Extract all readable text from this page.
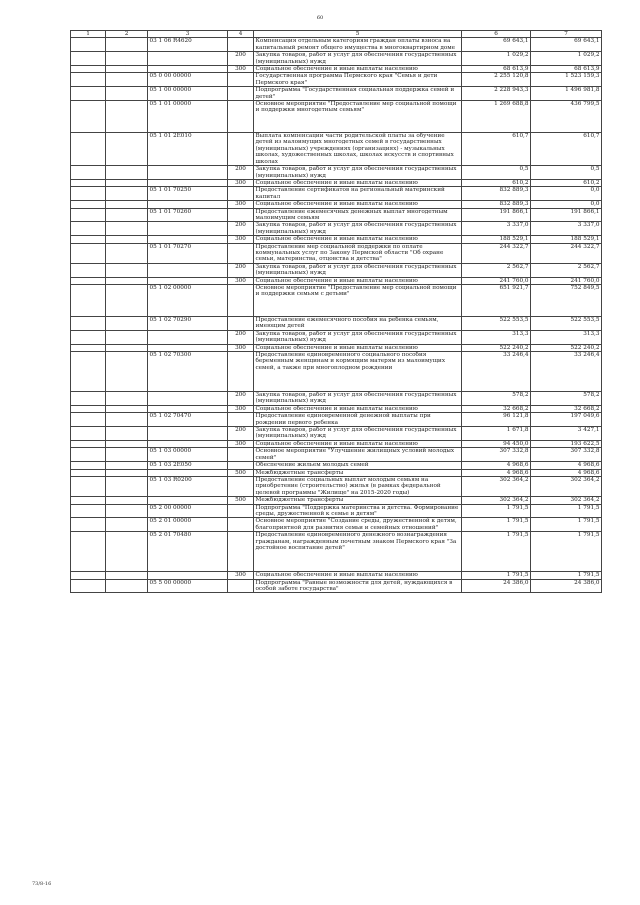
60
1	2	3	4	5	6	7
		03 1 06 R4620		Компенсация отдельным категориям граждан оплаты взноса на капитальный ремонт общего имущества в многоквартирном доме	69 643,1	69 643,1
			200	Закупка товаров, работ и услуг для обеспечения государственных (муниципальных) нужд	1 029,2	1 029,2
			300	Социальное обеспечение и иные выплаты населению	68 613,9	68 613,9
		05 0 00 00000		Государственная программа Пермского края "Семья и дети Пермского края"	2 255 120,8	1 523 159,3
		05 1 00 00000		Подпрограмма "Государственная социальная поддержка семей и детей"	2 228 943,3	1 496 981,8
		05 1 01 00000		Основное мероприятие "Предоставление мер социальной помощи и поддержки многодетным семьям"	1 269 688,8	436 799,5
		05 1 01 2Е010		Выплата компенсации части родительской платы за обучение детей из малоимущих многодетных семей в государственных (муниципальных) учреждениях (организациях) - музыкальных школах, художественных школах, школах искусств и спортивных школах	610,7	610,7
			200	Закупка товаров, работ и услуг для обеспечения государственных (муниципальных) нужд	0,5	0,5
			300	Социальное обеспечение и иные выплаты населению	610,2	610,2
		05 1 01 70250		Предоставление сертификатов на региональный материнский капитал	832 889,3	0,0
			300	Социальное обеспечение и иные выплаты населению	832 889,3	0,0
		05 1 01 70260		Предоставление ежемесячных денежных выплат многодетным малоимущим семьям	191 866,1	191 866,1
			200	Закупка товаров, работ и услуг для обеспечения государственных (муниципальных) нужд	3 337,0	3 337,0
			300	Социальное обеспечение и иные выплаты населению	188 529,1	188 529,1
		05 1 01 70270		Предоставление мер социальной поддержки по оплате коммунальных услуг по Закону Пермской области "Об охране семьи, материнства, отцовства и детства"	244 322,7	244 322,7
			200	Закупка товаров, работ и услуг для обеспечения государственных (муниципальных) нужд	2 562,7	2 562,7
			300	Социальное обеспечение и иные выплаты населению	241 760,0	241 760,0
		05 1 02 00000		Основное мероприятие "Предоставление мер социальной помощи и поддержки семьям с детьми"	651 921,7	752 849,5
		05 1 02 70290		Предоставление ежемесячного пособия на ребенка семьям, имеющим детей	522 553,5	522 553,5
			200	Закупка товаров, работ и услуг для обеспечения государственных (муниципальных) нужд	313,3	313,3
			300	Социальное обеспечение и иные выплаты населению	522 240,2	522 240,2
		05 1 02 70300		Предоставление единовременного социального пособия беременным женщинам и кормящим матерям из малоимущих семей, а также при многоплодном рождении	33 246,4	33 246,4
			200	Закупка товаров, работ и услуг для обеспечения государственных (муниципальных) нужд	578,2	578,2
			300	Социальное обеспечение и иные выплаты населению	32 668,2	32 668,2
		05 1 02 70470		Предоставление единовременной денежной выплаты при рождении первого ребенка	96 121,8	197 049,6
			200	Закупка товаров, работ и услуг для обеспечения государственных (муниципальных) нужд	1 671,8	3 427,1
			300	Социальное обеспечение и иные выплаты населению	94 450,0	193 622,5
		05 1 03 00000		Основное мероприятие "Улучшение жилищных условий молодых семей"	307 332,8	307 332,8
		05 1 03 2Е050		Обеспечение жильем молодых семей	4 968,6	4 968,6
			500	Межбюджетные трансферты	4 968,6	4 968,6
		05 1 03 R0200		Предоставление социальных выплат молодым семьям на приобретение (строительство) жилья (в рамках федеральной целевой программы "Жилище" на 2015-2020 годы)	302 364,2	302 364,2
			500	Межбюджетные трансферты	302 364,2	302 364,2
		05 2 00 00000		Подпрограмма "Поддержка материнства и детства. Формирование среды, дружественной к семье и детям"	1 791,5	1 791,5
		05 2 01 00000		Основное мероприятие "Создание среды, дружественной к детям, благоприятной для развития семьи и семейных отношений"	1 791,5	1 791,5
		05 2 01 70480		Предоставление единовременного денежного вознаграждения гражданам, награжденным почетным знаком Пермского края "За достойное воспитание детей"	1 791,5	1 791,5
			300	Социальное обеспечение и иные выплаты населению	1 791,5	1 791,5
		05 5 00 00000		Подпрограмма "Равные возможности для детей, нуждающихся в особой заботе государства"	24 386,0	24 386,0
73/8-16
